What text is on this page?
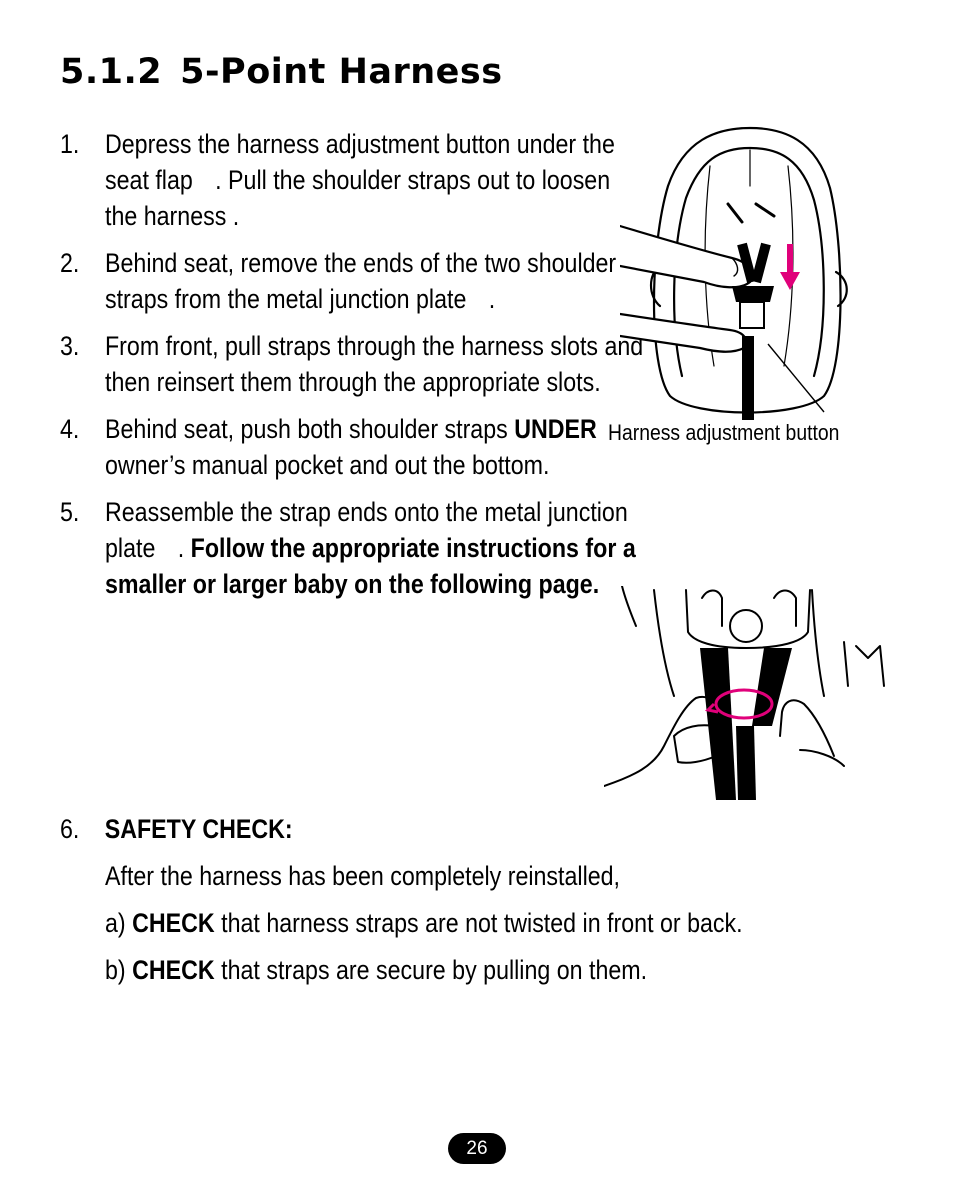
5.1.2 5-Point Harness
1. Depress the harness adjustment button under the seat flap . Pull the shoulder straps out to loosen the harness .
2. Behind seat, remove the ends of the two shoulder straps from the metal junction plate .
3. From front, pull straps through the harness slots and then reinsert them through the appropriate slots.
4. Behind seat, push both shoulder straps UNDER owner’s manual pocket and out the bottom.
5. Reassemble the strap ends onto the metal junction plate . Follow the appropriate instructions for a smaller or larger baby on the following page.
6. SAFETY CHECK:
After the harness has been completely reinstalled,
a) CHECK that harness straps are not twisted in front or back.
b) CHECK that straps are secure by pulling on them.
Harness adjustment button
26
